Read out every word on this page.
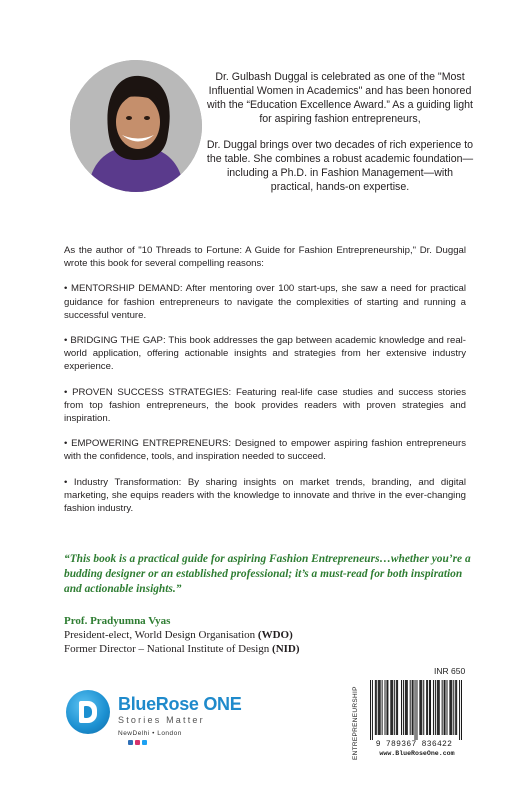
Dr. Gulbash Duggal is celebrated as one of the "Most Influential Women in Academics" and has been honored with the “Education Excellence Award.” As a guiding light for aspiring fashion entrepreneurs,

Dr. Duggal brings over two decades of rich experience to the table. She combines a robust academic foundation—including a Ph.D. in Fashion Management—with practical, hands-on expertise.

As the author of "10 Threads to Fortune: A Guide for Fashion Entrepreneurship," Dr. Duggal wrote this book for several compelling reasons:

• MENTORSHIP DEMAND: After mentoring over 100 start-ups, she saw a need for practical guidance for fashion entrepreneurs to navigate the complexities of starting and running a successful venture.

• BRIDGING THE GAP: This book addresses the gap between academic knowledge and real-world application, offering actionable insights and strategies from her extensive industry experience.

• PROVEN SUCCESS STRATEGIES: Featuring real-life case studies and success stories from top fashion entrepreneurs, the book provides readers with proven strategies and inspiration.

• EMPOWERING ENTREPRENEURS: Designed to empower aspiring fashion entrepreneurs with the confidence, tools, and inspiration needed to succeed.

• Industry Transformation: By sharing insights on market trends, branding, and digital marketing, she equips readers with the knowledge to innovate and thrive in the ever-changing fashion industry.

“This book is a practical guide for aspiring Fashion Entrepreneurs…whether you’re a budding designer or an established professional; it’s a must-read for both inspiration and actionable insights.”
Prof. Pradyumna Vyas
President-elect, World Design Organisation (WDO)
Former Director – National Institute of Design (NID)
BlueRose ONE
Stories Matter
NewDelhi • London
INR 650
ENTREPRENEURSHIP	9 789367 836422
www.BlueRoseOne.com
